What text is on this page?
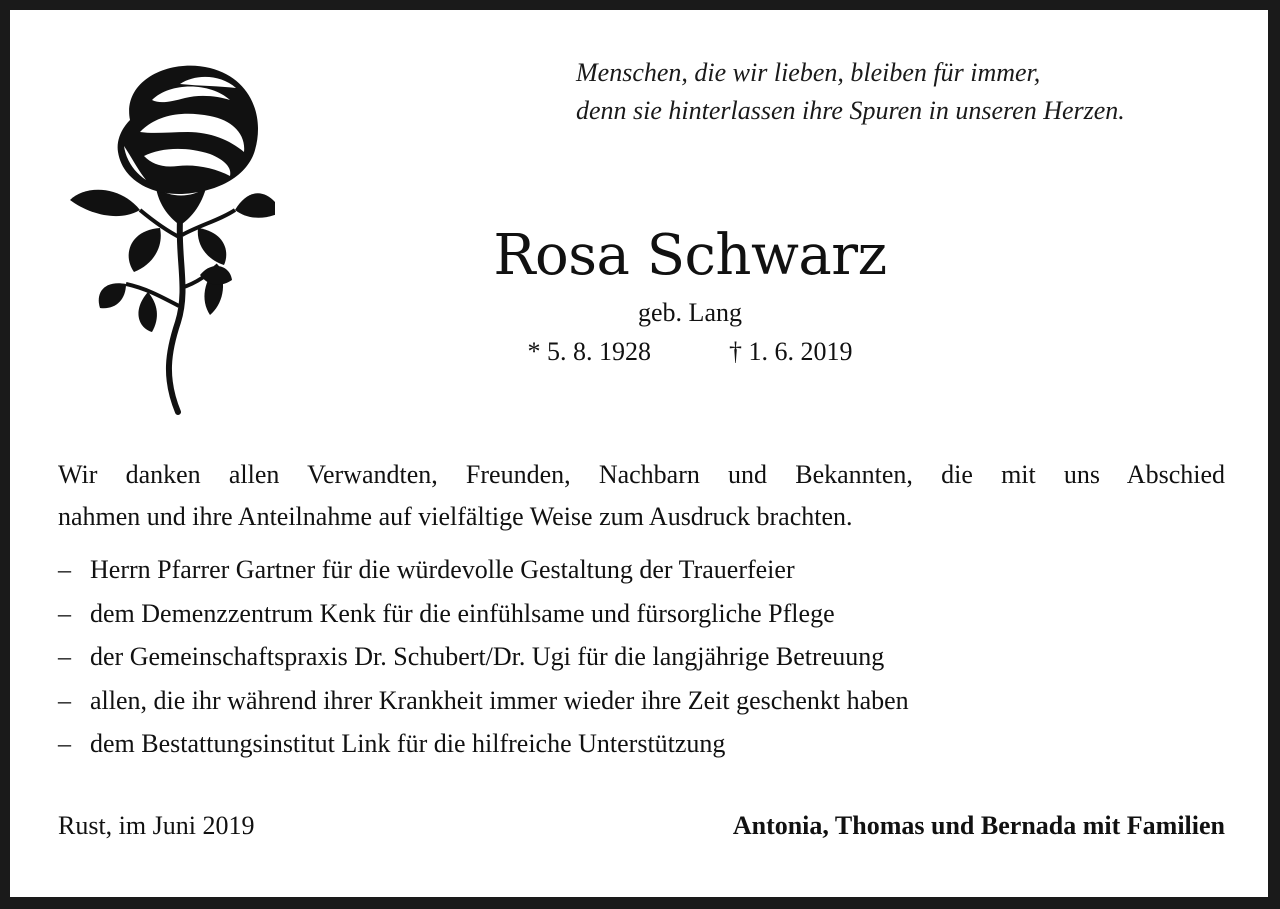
Menschen, die wir lieben, bleiben für immer,
denn sie hinterlassen ihre Spuren in unseren Herzen.
Rosa Schwarz
geb. Lang
* 5. 8. 1928	† 1. 6. 2019
Wir danken allen Verwandten, Freunden, Nachbarn und Bekannten, die mit uns Abschied
nahmen und ihre Anteilnahme auf vielfältige Weise zum Ausdruck brachten.
– Herrn Pfarrer Gartner für die würdevolle Gestaltung der Trauerfeier
– dem Demenzzentrum Kenk für die einfühlsame und fürsorgliche Pflege
– der Gemeinschaftspraxis Dr. Schubert/Dr. Ugi für die langjährige Betreuung
– allen, die ihr während ihrer Krankheit immer wieder ihre Zeit geschenkt haben
– dem Bestattungsinstitut Link für die hilfreiche Unterstützung
Rust, im Juni 2019	Antonia, Thomas und Bernada mit Familien
